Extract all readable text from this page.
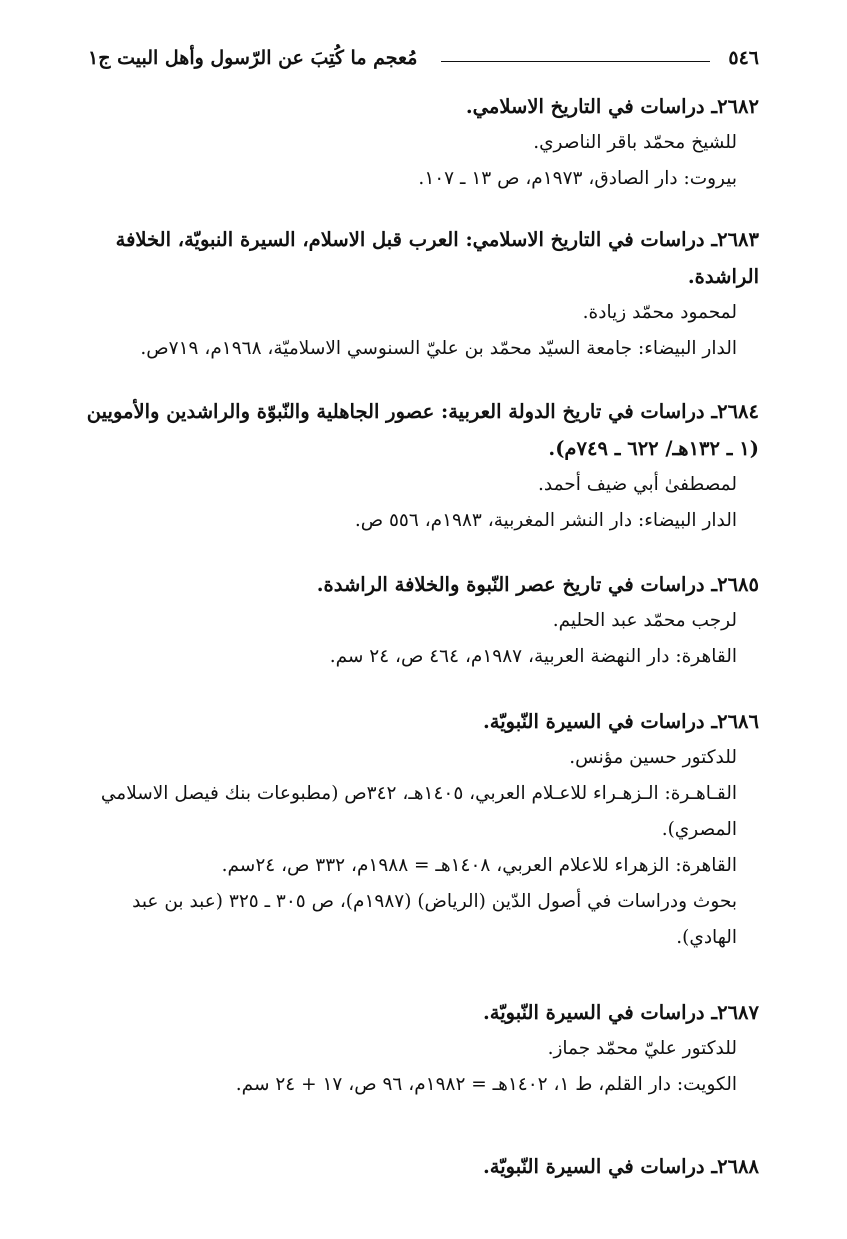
٥٤٦
مُعجم ما كُتِبَ عن الرّسول وأهل البيت ج١

٢٦٨٢ـ دراسات في التاريخ الاسلامي.

للشيخ محمّد باقر الناصري.

بيروت: دار الصادق، ١٩٧٣م، ص ١٣ ـ ١٠٧.

٢٦٨٣ـ دراسات في التاريخ الاسلامي: العرب قبل الاسلام، السيرة النبويّة، الخلافة الراشدة.

لمحمود محمّد زيادة.

الدار البيضاء: جامعة السيّد محمّد بن عليّ السنوسي الاسلاميّة، ١٩٦٨م، ٧١٩ص.

٢٦٨٤ـ دراسات في تاريخ الدولة العربية: عصور الجاهلية والنّبوّة والراشدين والأمويين (١ ـ ١٣٢هـ/ ٦٢٢ ـ ٧٤٩م).

لمصطفىٰ أبي ضيف أحمد.

الدار البيضاء: دار النشر المغربية، ١٩٨٣م، ٥٥٦ ص.

٢٦٨٥ـ دراسات في تاريخ عصر النّبوة والخلافة الراشدة.

لرجب محمّد عبد الحليم.

القاهرة: دار النهضة العربية، ١٩٨٧م، ٤٦٤ ص، ٢٤ سم.

٢٦٨٦ـ دراسات في السيرة النّبويّة.

للدكتور حسين مؤنس.

القـاهـرة: الـزهـراء للاعـلام العربي، ١٤٠٥هـ، ٣٤٢ص (مطبوعات بنك فيصل الاسلامي المصري).

القاهرة: الزهراء للاعلام العربي، ١٤٠٨هـ = ١٩٨٨م، ٣٣٢ ص، ٢٤سم.

بحوث ودراسات في أصول الدّين (الرياض) (١٩٨٧م)، ص ٣٠٥ ـ ٣٢٥ (عبد بن عبد الهادي).

٢٦٨٧ـ دراسات في السيرة النّبويّة.

للدكتور عليّ محمّد جماز.

الكويت: دار القلم، ط ١، ١٤٠٢هـ = ١٩٨٢م، ٩٦ ص، ١٧ + ٢٤ سم.

٢٦٨٨ـ دراسات في السيرة النّبويّة.
